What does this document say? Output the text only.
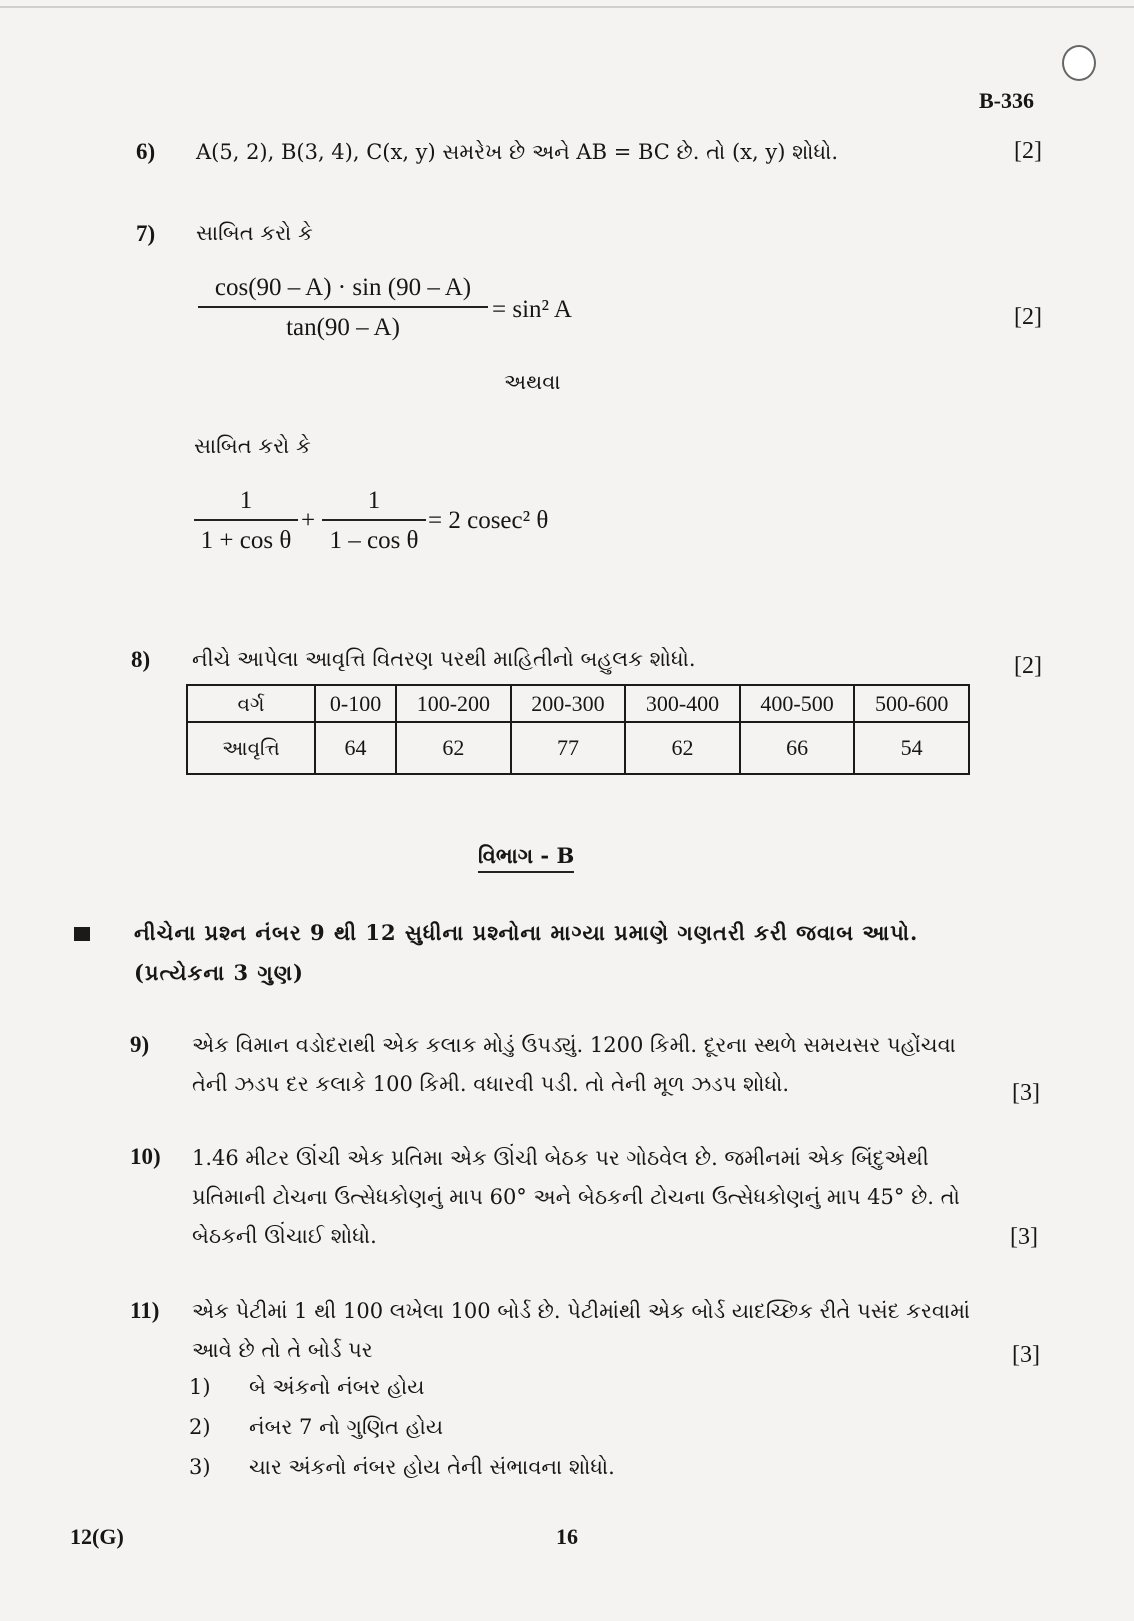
B-336
6) A(5, 2), B(3, 4), C(x, y) સમરેખ છે અને AB = BC છે. તો (x, y) શોધો.	[2]
7) સાબિત કરો કે
cos(90 – A) · sin (90 – A)
tan(90 – A)
= sin² A	[2]
અથવા
સાબિત કરો કે
1
1 + cos θ
+
1
1 – cos θ
= 2 cosec² θ
8) નીચે આપેલા આવૃત્તિ વિતરણ પરથી માહિતીનો બહુલક શોધો.	[2]
વર્ગ	0-100	100-200	200-300	300-400	400-500	500-600
આવૃત્તિ	64	62	77	62	66	54
વિભાગ - B
નીચેના પ્રશ્ન નંબર 9 થી 12 સુધીના પ્રશ્નોના માગ્યા પ્રમાણે ગણતરી કરી જવાબ આપો.
(પ્રત્યેકના 3 ગુણ)
9) એક વિમાન વડોદરાથી એક કલાક મોડું ઉપડ્યું. 1200 કિમી. દૂરના સ્થળે સમયસર પહોંચવા
તેની ઝડપ દર કલાકે 100 કિમી. વધારવી પડી. તો તેની મૂળ ઝડપ શોધો.	[3]
10) 1.46 મીટર ઊંચી એક પ્રતિમા એક ઊંચી બેઠક પર ગોઠવેલ છે. જમીનમાં એક બિંદુએથી
પ્રતિમાની ટોચના ઉત્સેધકોણનું માપ 60° અને બેઠકની ટોચના ઉત્સેધકોણનું માપ 45° છે. તો
બેઠકની ઊંચાઈ શોધો.	[3]
11) એક પેટીમાં 1 થી 100 લખેલા 100 બોર્ડ છે. પેટીમાંથી એક બોર્ડ યાદચ્છિક રીતે પસંદ કરવામાં
આવે છે તો તે બોર્ડ પર	[3]
1) બે અંકનો નંબર હોય
2) નંબર 7 નો ગુણિત હોય
3) ચાર અંકનો નંબર હોય તેની સંભાવના શોધો.
12(G)	16
